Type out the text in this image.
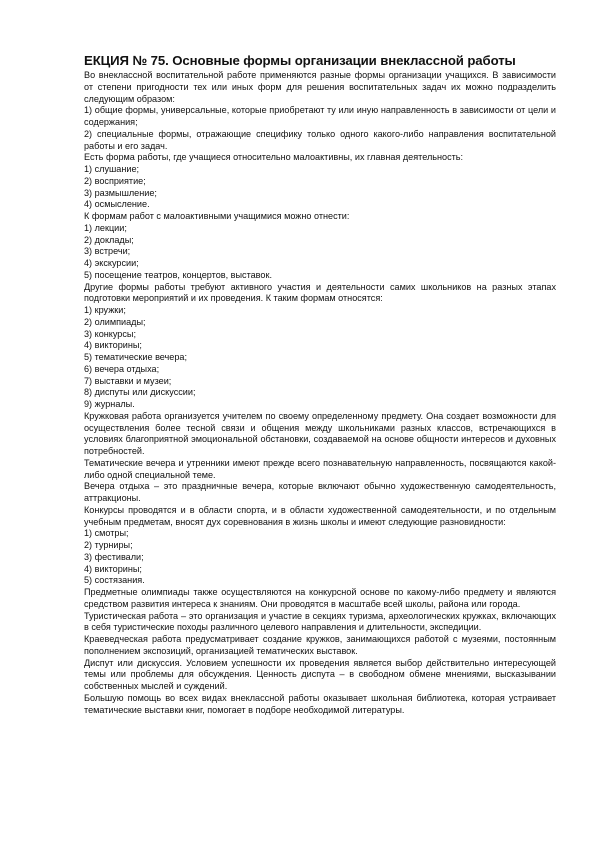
ЕКЦИЯ № 75. Основные формы организации внеклассной работы

Во внеклассной воспитательной работе применяются разные формы организации учащихся. В зависимости от степени пригодности тех или иных форм для решения воспитательных задач их можно подразделить следующим образом:

1) общие формы, универсальные, которые приобретают ту или иную направленность в зависимости от цели и содержания;

2) специальные формы, отражающие специфику только одного какого-либо направления воспитательной работы и его задач.

Есть форма работы, где учащиеся относительно малоактивны, их главная деятельность:

1) слушание;

2) восприятие;

3) размышление;

4) осмысление.

К формам работ с малоактивными учащимися можно отнести:

1) лекции;

2) доклады;

3) встречи;

4) экскурсии;

5) посещение театров, концертов, выставок.

Другие формы работы требуют активного участия и деятельности самих школьников на разных этапах подготовки мероприятий и их проведения. К таким формам относятся:

1) кружки;

2) олимпиады;

3) конкурсы;

4) викторины;

5) тематические вечера;

6) вечера отдыха;

7) выставки и музеи;

8) диспуты или дискуссии;

9) журналы.

Кружковая работа организуется учителем по своему определенному предмету. Она создает возможности для осуществления более тесной связи и общения между школьниками разных классов, встречающихся в условиях благоприятной эмоциональной обстановки, создаваемой на основе общности интересов и духовных потребностей.

Тематические вечера и утренники имеют прежде всего познавательную направленность, посвящаются какой-либо одной специальной теме.

Вечера отдыха – это праздничные вечера, которые включают обычно художественную самодеятельность, аттракционы.

Конкурсы проводятся и в области спорта, и в области художественной самодеятельности, и по отдельным учебным предметам, вносят дух соревнования в жизнь школы и имеют следующие разновидности:

1) смотры;

2) турниры;

3) фестивали;

4) викторины;

5) состязания.

Предметные олимпиады также осуществляются на конкурсной основе по какому-либо предмету и являются средством развития интереса к знаниям. Они проводятся в масштабе всей школы, района или города.

Туристическая работа – это организация и участие в секциях туризма, археологических кружках, включающих в себя туристические походы различного целевого направления и длительности, экспедиции.

Краеведческая работа предусматривает создание кружков, занимающихся работой с музеями, постоянным пополнением экспозиций, организацией тематических выставок.

Диспут или дискуссия. Условием успешности их проведения является выбор действительно интересующей темы или проблемы для обсуждения. Ценность диспута – в свободном обмене мнениями, высказывании собственных мыслей и суждений.

Большую помощь во всех видах внеклассной работы оказывает школьная библиотека, которая устраивает тематические выставки книг, помогает в подборе необходимой литературы.
